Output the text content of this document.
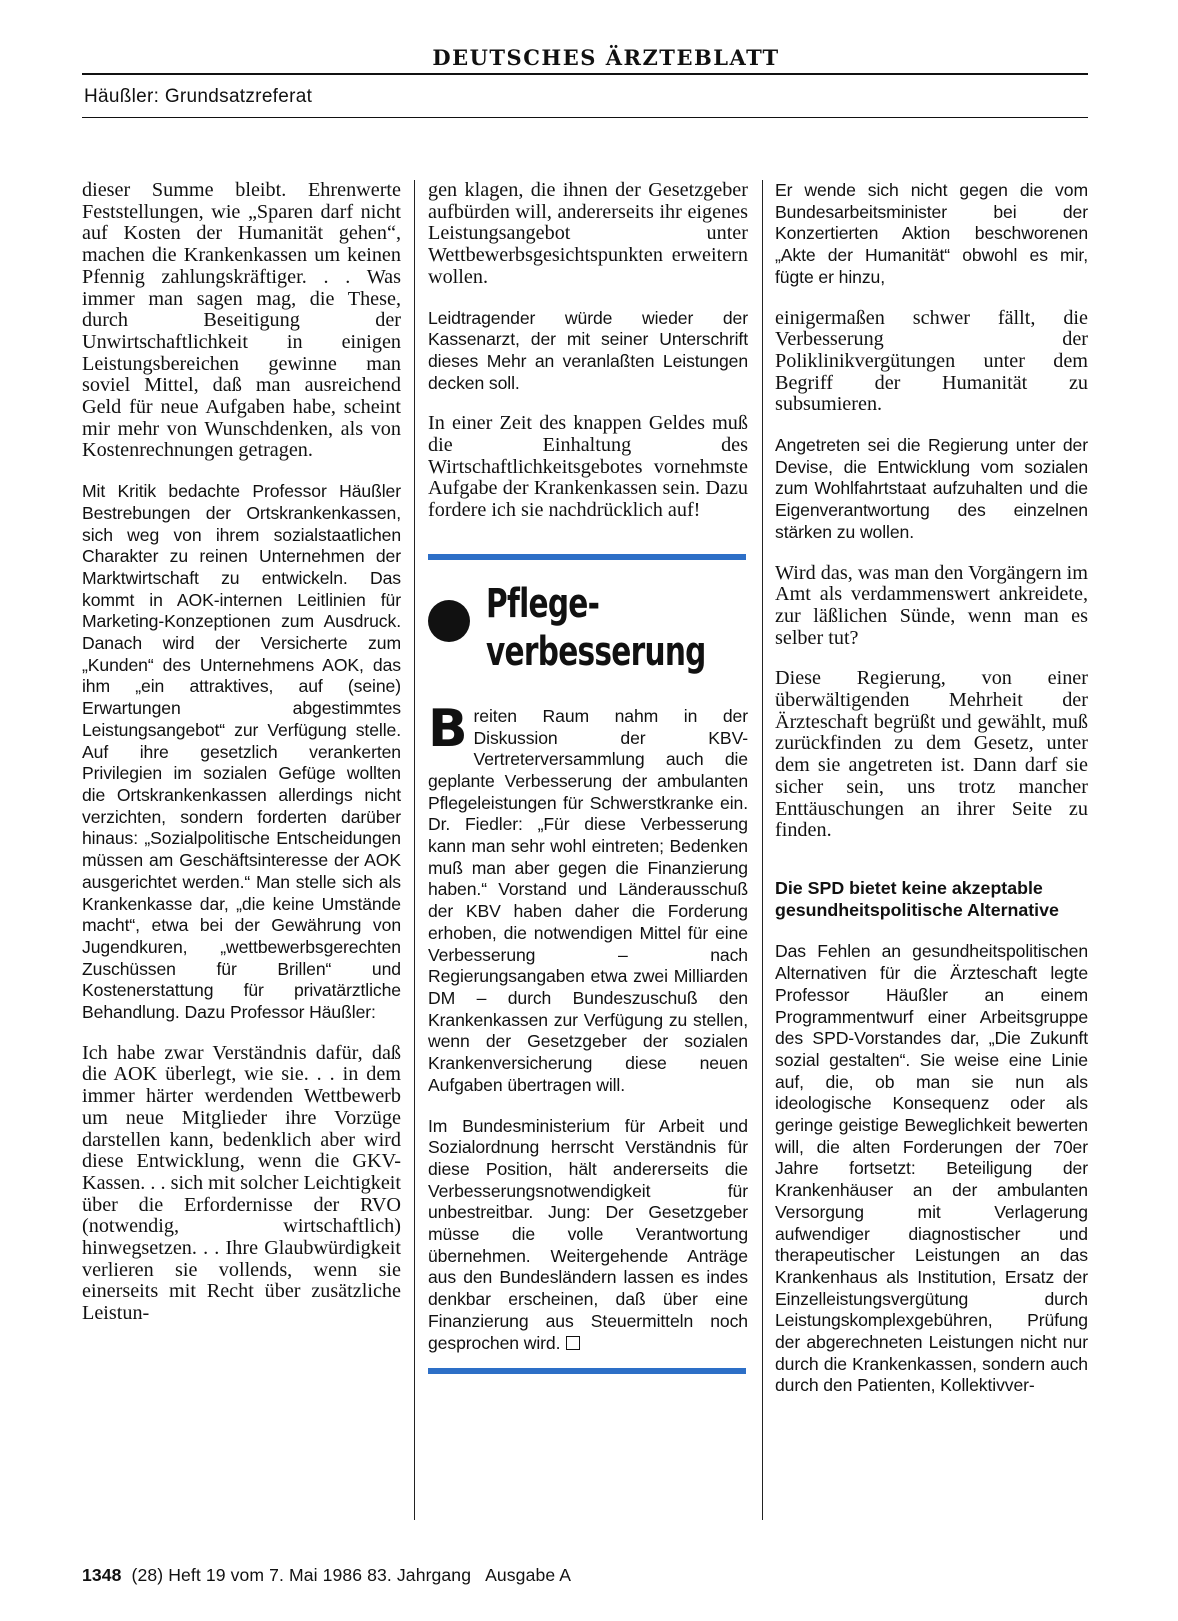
DEUTSCHES ÄRZTEBLATT
Häußler: Grundsatzreferat

dieser Summe bleibt. Ehrenwerte Feststellungen, wie „Sparen darf nicht auf Kosten der Humanität gehen“, machen die Krankenkassen um keinen Pfennig zahlungskräftiger. . . Was immer man sagen mag, die These, durch Beseitigung der Unwirtschaftlichkeit in einigen Leistungsbereichen gewinne man soviel Mittel, daß man ausreichend Geld für neue Aufgaben habe, scheint mir mehr von Wunschdenken, als von Kostenrechnungen getragen.

Mit Kritik bedachte Professor Häußler Bestrebungen der Ortskrankenkassen, sich weg von ihrem sozialstaatlichen Charakter zu reinen Unternehmen der Marktwirtschaft zu entwickeln. Das kommt in AOK-internen Leitlinien für Marketing-Konzeptionen zum Ausdruck. Danach wird der Versicherte zum „Kunden“ des Unternehmens AOK, das ihm „ein attraktives, auf (seine) Erwartungen abgestimmtes Leistungsangebot“ zur Verfügung stelle. Auf ihre gesetzlich verankerten Privilegien im sozialen Gefüge wollten die Ortskrankenkassen allerdings nicht verzichten, sondern forderten darüber hinaus: „Sozialpolitische Entscheidungen müssen am Geschäftsinteresse der AOK ausgerichtet werden.“ Man stelle sich als Krankenkasse dar, „die keine Umstände macht“, etwa bei der Gewährung von Jugendkuren, „wettbewerbsgerechten Zuschüssen für Brillen“ und Kostenerstattung für privatärztliche Behandlung. Dazu Professor Häußler:

Ich habe zwar Verständnis dafür, daß die AOK überlegt, wie sie. . . in dem immer härter werdenden Wettbewerb um neue Mitglieder ihre Vorzüge darstellen kann, bedenklich aber wird diese Entwicklung, wenn die GKV-Kassen. . . sich mit solcher Leichtigkeit über die Erfordernisse der RVO (notwendig, wirtschaftlich) hinwegsetzen. . . Ihre Glaubwürdigkeit verlieren sie vollends, wenn sie einerseits mit Recht über zusätzliche Leistun-

gen klagen, die ihnen der Gesetzgeber aufbürden will, andererseits ihr eigenes Leistungsangebot unter Wettbewerbsgesichtspunkten erweitern wollen.

Leidtragender würde wieder der Kassenarzt, der mit seiner Unterschrift dieses Mehr an veranlaßten Leistungen decken soll.

In einer Zeit des knappen Geldes muß die Einhaltung des Wirtschaftlichkeitsgebotes vornehmste Aufgabe der Krankenkassen sein. Dazu fordere ich sie nachdrücklich auf!

Pflege-
verbesserung

Breiten Raum nahm in der Diskussion der KBV-Vertreterversammlung auch die geplante Verbesserung der ambulanten Pflegeleistungen für Schwerstkranke ein. Dr. Fiedler: „Für diese Verbesserung kann man sehr wohl eintreten; Bedenken muß man aber gegen die Finanzierung haben.“ Vorstand und Länderausschuß der KBV haben daher die Forderung erhoben, die notwendigen Mittel für eine Verbesserung – nach Regierungsangaben etwa zwei Milliarden DM – durch Bundeszuschuß den Krankenkassen zur Verfügung zu stellen, wenn der Gesetzgeber der sozialen Krankenversicherung diese neuen Aufgaben übertragen will.

Im Bundesministerium für Arbeit und Sozialordnung herrscht Verständnis für diese Position, hält andererseits die Verbesserungsnotwendigkeit für unbestreitbar. Jung: Der Gesetzgeber müsse die volle Verantwortung übernehmen. Weitergehende Anträge aus den Bundesländern lassen es indes denkbar erscheinen, daß über eine Finanzierung aus Steuermitteln noch gesprochen wird.

Er wende sich nicht gegen die vom Bundesarbeitsminister bei der Konzertierten Aktion beschworenen „Akte der Humanität“ obwohl es mir, fügte er hinzu,

einigermaßen schwer fällt, die Verbesserung der Poliklinikvergütungen unter dem Begriff der Humanität zu subsumieren.

Angetreten sei die Regierung unter der Devise, die Entwicklung vom sozialen zum Wohlfahrtstaat aufzuhalten und die Eigenverantwortung des einzelnen stärken zu wollen.

Wird das, was man den Vorgängern im Amt als verdammenswert ankreidete, zur läßlichen Sünde, wenn man es selber tut?

Diese Regierung, von einer überwältigenden Mehrheit der Ärzteschaft begrüßt und gewählt, muß zurückfinden zu dem Gesetz, unter dem sie angetreten ist. Dann darf sie sicher sein, uns trotz mancher Enttäuschungen an ihrer Seite zu finden.

Die SPD bietet keine akzeptable gesundheitspolitische Alternative

Das Fehlen an gesundheitspolitischen Alternativen für die Ärzteschaft legte Professor Häußler an einem Programmentwurf einer Arbeitsgruppe des SPD-Vorstandes dar, „Die Zukunft sozial gestalten“. Sie weise eine Linie auf, die, ob man sie nun als ideologische Konsequenz oder als geringe geistige Beweglichkeit bewerten will, die alten Forderungen der 70er Jahre fortsetzt: Beteiligung der Krankenhäuser an der ambulanten Versorgung mit Verlagerung aufwendiger diagnostischer und therapeutischer Leistungen an das Krankenhaus als Institution, Ersatz der Einzelleistungsvergütung durch Leistungskomplexgebühren, Prüfung der abgerechneten Leistungen nicht nur durch die Krankenkassen, sondern auch durch den Patienten, Kollektivver-

1348  (28) Heft 19 vom 7. Mai 1986 83. Jahrgang   Ausgabe A
